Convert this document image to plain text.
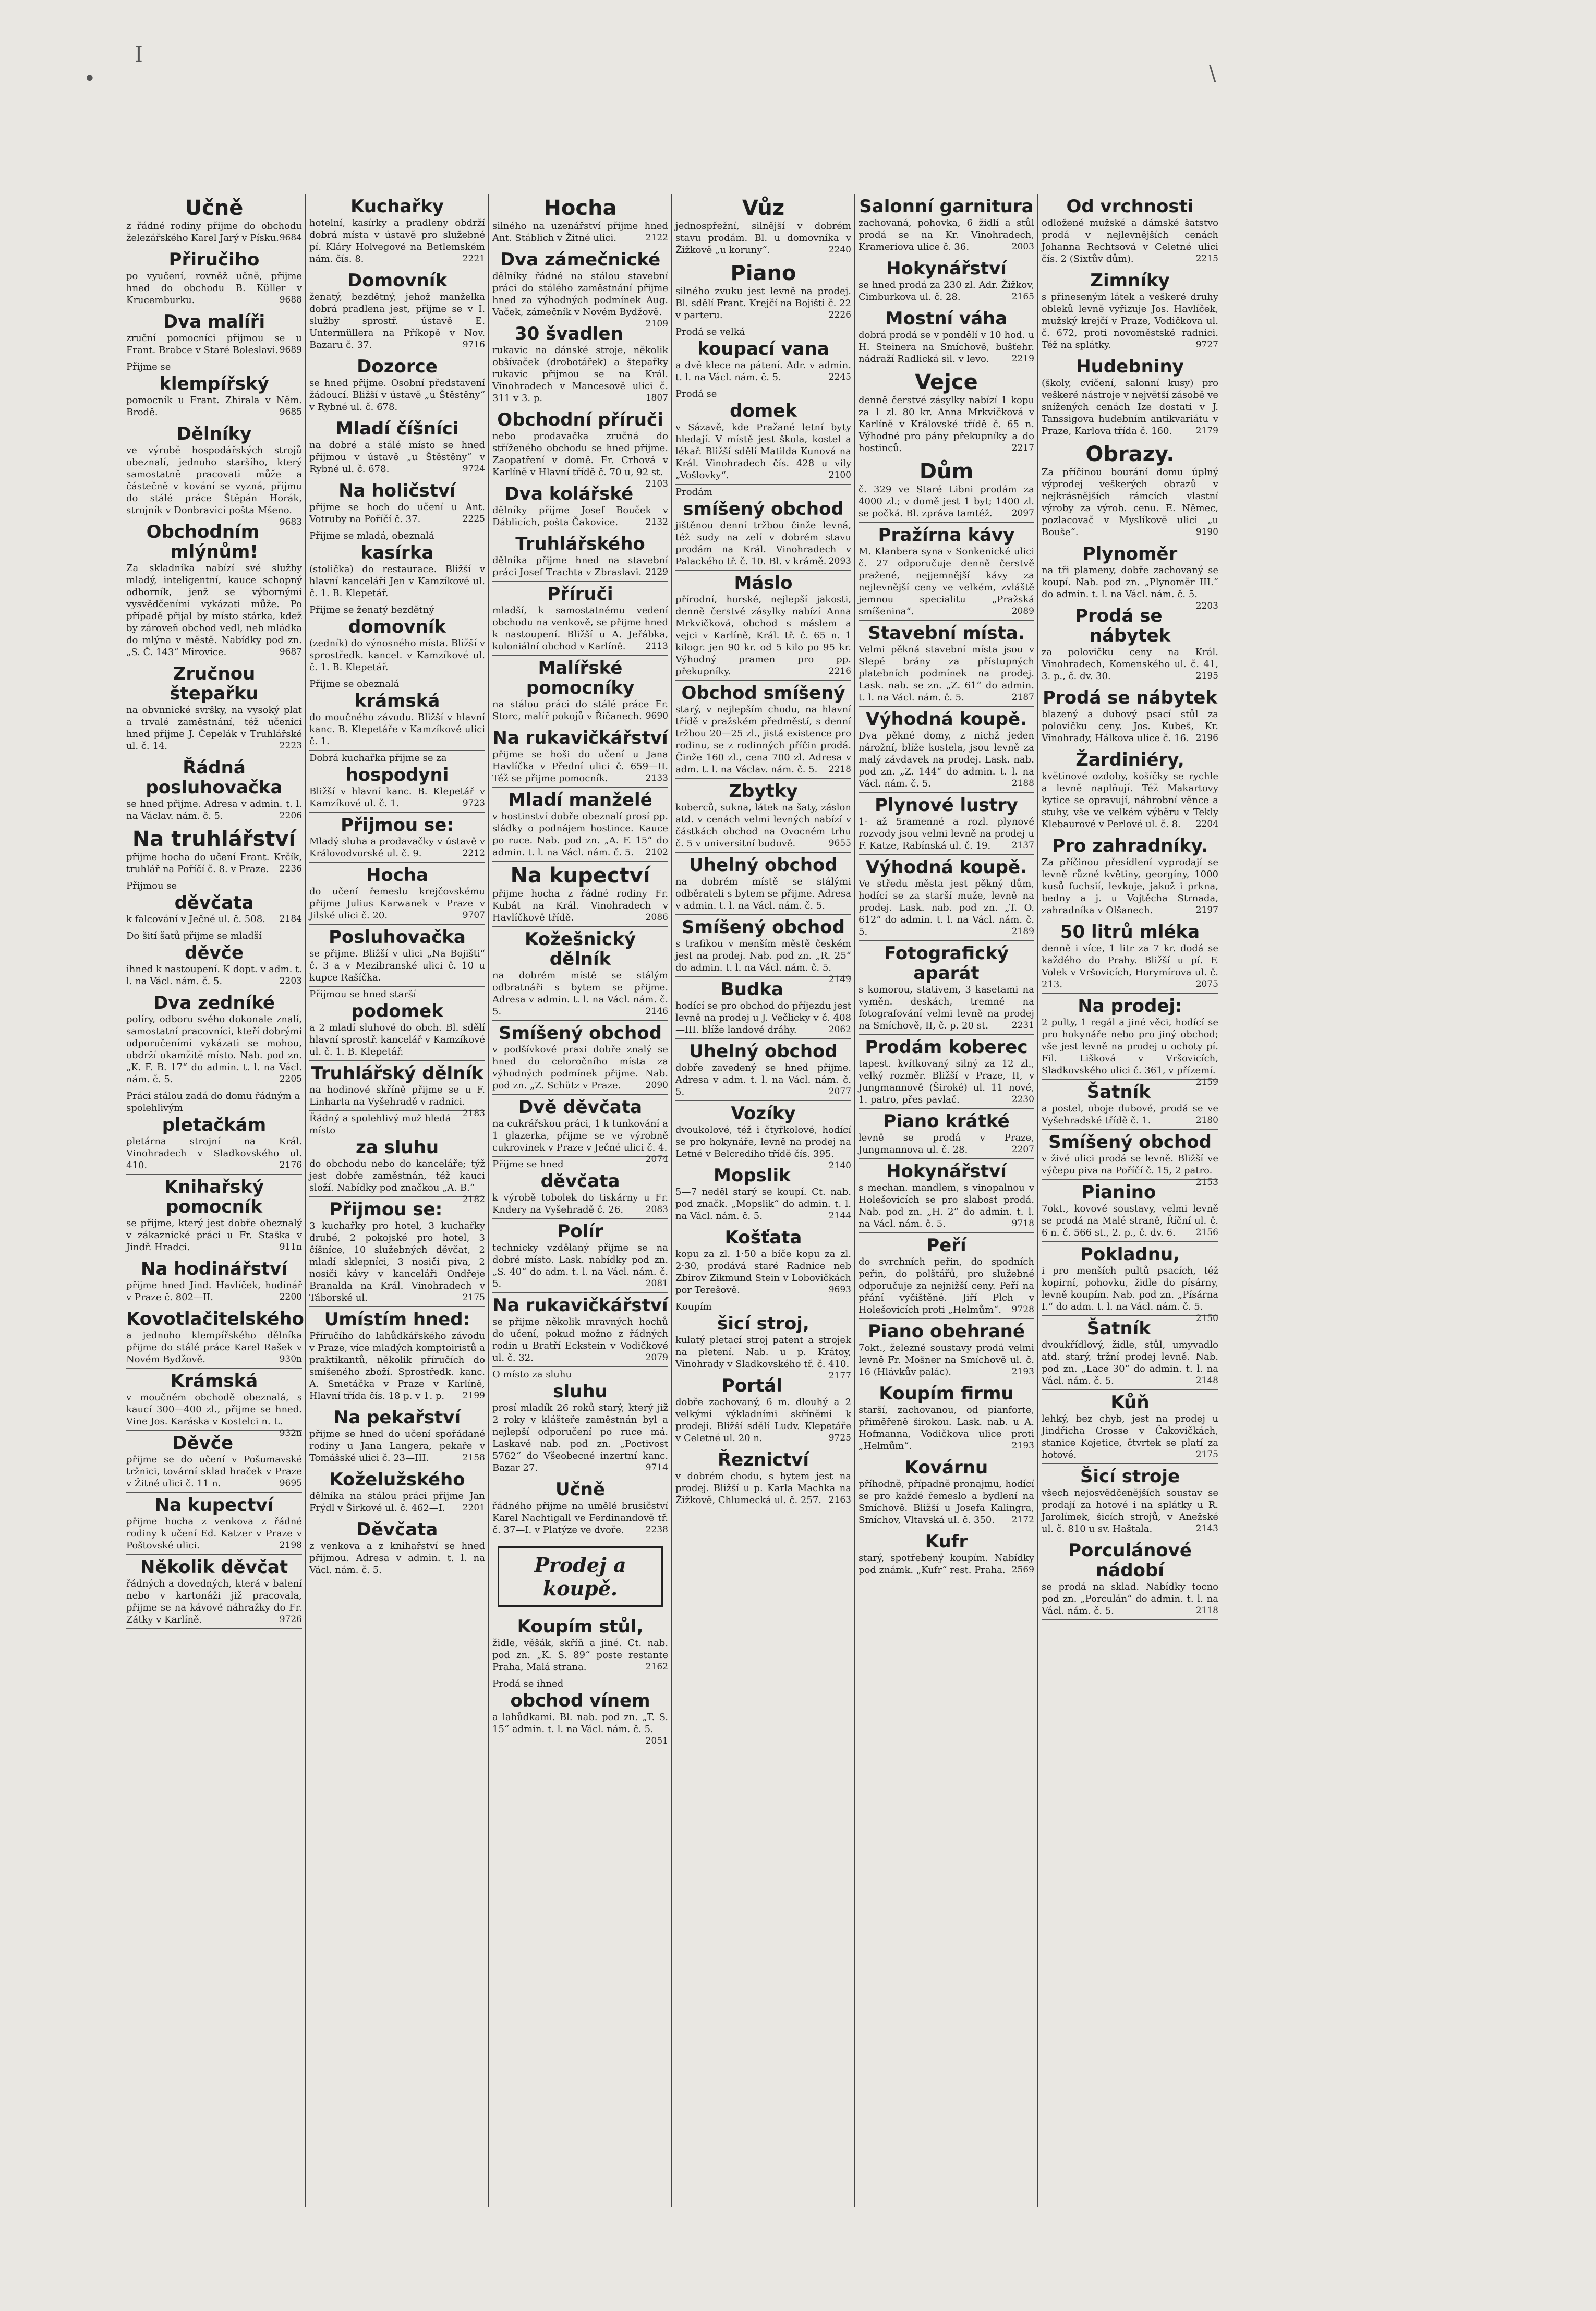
I
•	\
Učně

z řádné rodiny přijme do obchodu železářského Karel Jarý v Písku. 9684

Přiručiho

po vyučení, rovněž učně, přijme hned do obchodu B. Küller v Krucemburku.	9688

Dva malíři

zruční pomocníci přijmou se u Frant. Brabce v Staré Boleslavi. 9689

Přijme se

klempířský

pomocník u Frant. Zhirala v Něm. Brodě.	9685

Dělníky

ve výrobě hospodářských strojů obeznalí, jednoho staršího, který samostatně pracovati může a částečně v kování se vyzná, přijmu do stálé práce Štěpán Horák, strojník v Donbravici pošta Mšeno.
9683

Obchodním mlýnům!

Za skladníka nabízí své služby mladý, inteligentní, kauce schopný odborník, jenž se výbornými vysvědčeními vykázati může. Po případě přijal by místo stárka, kdež by zároveň obchod vedl, neb mládka do mlýna v městě. Nabídky pod zn. „S. Č. 143“ Mirovice.	9687

Zručnou štepařku

na obvnnické svršky, na vysoký plat a trvalé zaměstnání, též učenici hned přijme J. Čepelák v Truhlářské ul. č. 14.	2223

Řádná posluhovačka

se hned přijme. Adresa v admin. t. l. na Václav. nám. č. 5.	2206

Na truhlářství

přijme hocha do učení Frant. Krčík, truhlář na Poříčí č. 8. v Praze. 2236

Přijmou se

děvčata

k falcování v Ječné ul. č. 508. 2184

Do šití šatů přijme se mladší

děvče

ihned k nastoupení. K dopt. v adm. t. l. na Václ. nám. č. 5.	2203

Dva zedníké

políry, odboru svého dokonale znalí, samostatní pracovníci, kteří dobrými odporučeními vykázati se mohou, obdrží okamžitě místo. Nab. pod zn. „K. F. B. 17“ do admin. t. l. na Václ. nám. č. 5.	2205

Práci stálou zadá do domu řádným a spolehlivým

pletačkám

pletárna strojní na Král. Vinohradech v Sladkovského ul. 410.	2176

Knihařský pomocník

se přijme, který jest dobře obeznalý v zákaznické práci u Fr. Staška v Jindř. Hradci.	911n

Na hodinářství

přijme hned Jind. Havlíček, hodinář v Praze č. 802—II.	2200

Kovotlačitelského

a jednoho klempířského dělníka přijme do stálé práce Karel Rašek v Novém Bydžově.	930n

Krámská

v moučném obchodě obeznalá, s kaucí 300—400 zl., přijme se hned. Vine Jos. Karáska v Kostelci n. L.
932n

Děvče

přijme se do učení v Pošumavské tržnici, tovární sklad hraček v Praze v Žitné ulici č. 11 n.	9695

Na kupectví

přijme hocha z venkova z řádné rodiny k učení Ed. Katzer v Praze v Poštovské ulici.	2198

Několik děvčat

řádných a dovedných, která v balení nebo v kartonáži již pracovala, přijme se na kávové náhražky do Fr. Zátky v Karlíně.	9726

Kuchařky

hotelní, kasírky a pradleny obdrží dobrá místa v ústavě pro služebné pí. Kláry Holvegové na Betlemském nám. čís. 8.	2221

Domovník

ženatý, bezdětný, jehož manželka dobrá pradlena jest, přijme se v I. služby sprostř. ústavě E. Untermüllera na Příkopě v Nov. Bazaru č. 37.	9716

Dozorce

se hned přijme. Osobní představení žádoucí. Bližší v ústavě „u Štěstěny“ v Rybné ul. č. 678.

Mladí číšníci

na dobré a stálé místo se hned přijmou v ústavě „u Štěstěny“ v Rybné ul. č. 678.	9724

Na holičství

přijme se hoch do učení u Ant. Votruby na Poříčí č. 37.	2225

Přijme se mladá, obeznalá

kasírka

(stolička) do restaurace. Bližší v hlavní kanceláři Jen v Kamzíkové ul. č. 1. B. Klepetář.

Přijme se ženatý bezdětný

domovník

(zedník) do výnosného místa. Bližší v sprostředk. kancel. v Kamzíkové ul. č. 1. B. Klepetář.

Přijme se obeznalá

krámská

do moučného závodu. Bližší v hlavní kanc. B. Klepetáře v Kamzíkové ulici č. 1.

Dobrá kuchařka přijme se za

hospodyni

Bližší v hlavní kanc. B. Klepetář v Kamzíkové ul. č. 1.	9723

Přijmou se:

Mladý sluha a prodavačky v ústavě v Královodvorské ul. č. 9.	2212

Hocha

do učení řemeslu krejčovskému přijme Julius Karwanek v Praze v Jilské ulici č. 20.	9707

Posluhovačka

se přijme. Bližší v ulici „Na Bojišti“ č. 3 a v Mezibranské ulici č. 10 u kupce Rašíčka.

Přijmou se hned starší

podomek

a 2 mladí sluhové do obch. Bl. sdělí hlavní sprostř. kancelář v Kamzíkové ul. č. 1. B. Klepetář.

Truhlářský dělník

na hodinové skříně přijme se u F. Linharta na Vyšehradě v radnici.
2183

Řádný a spolehlivý muž hledá místo

za sluhu

do obchodu nebo do kanceláře; týž jest dobře zaměstnán, též kauci složí. Nabídky pod značkou „A. B.“
2182

Přijmou se:

3 kuchařky pro hotel, 3 kuchařky drubé, 2 pokojské pro hotel, 3 číšníce, 10 služebných děvčat, 2 mladí sklepníci, 3 nosiči piva, 2 nosiči kávy v kanceláři Ondřeje Branalda na Král. Vinohradech v Táborské ul.	2175

Umístím hned:

Příručího do lahůdkářského závodu v Praze, více mladých komptoiristů a praktikantů, několik příručích do smíšeného zboží. Sprostředk. kanc. A. Smetáčka v Praze v Karlíně, Hlavní třída čís. 18 p. v 1. p. 2199

Na pekařství

přijme se hned do učení spořádané rodiny u Jana Langera, pekaře v Tomášské ulici č. 23—III.	2158

Koželužského

dělníka na stálou práci přijme Jan Frýdl v Širkové ul. č. 462—I. 2201

Děvčata

z venkova a z knihařství se hned přijmou. Adresa v admin. t. l. na Václ. nám. č. 5.

Hocha

silného na uzenářství přijme hned Ant. Stáblich v Žitné ulici.	2122

Dva zámečnické

dělníky řádné na stálou stavební práci do stálého zaměstnání přijme hned za výhodných podmínek Aug. Vaček, zámečník v Novém Bydžově.
2109

30 švadlen

rukavic na dánské stroje, několik obšívaček (drobotářek) a štepařky rukavic přijmou se na Král. Vinohradech v Mancesově ulici č. 311 v 3. p.	1807

Obchodní příruči

nebo prodavačka zručná do stříženého obchodu se hned přijme. Zaopatření v domě. Fr. Crhová v Karlíně v Hlavní třídě č. 70 u, 92 st.
2103

Dva kolářské

dělníky přijme Josef Bouček v Dáblicích, pošta Čakovice.	2132

Truhlářského

dělníka přijme hned na stavební práci Josef Trachta v Zbraslavi. 2129

Příruči

mladší, k samostatnému vedení obchodu na venkově, se přijme hned k nastoupení. Bližší u A. Jeřábka, koloniální obchod v Karlíně. 2113

Malířské pomocníky

na stálou práci do stálé práce Fr. Storc, malíř pokojů v Řičanech. 9690

Na rukavičkářství

přijme se hoši do učení u Jana Havlíčka v Přední ulici č. 659—II. Též se přijme pomocník.	2133

Mladí manželé

v hostinství dobře obeznalí prosí pp. sládky o podnájem hostince. Kauce po ruce. Nab. pod zn. „A. F. 15“ do admin. t. l. na Václ. nám. č. 5. 2102

Na kupectví

přijme hocha z řádné rodiny Fr. Kubát na Král. Vinohradech v Havlíčkově třídě.	2086

Kožešnický dělník

na dobrém místě se stálým odbratnáři s bytem se přijme. Adresa v admin. t. l. na Václ. nám. č. 5.	2146

Smíšený obchod

v podšívkové praxi dobře znalý se hned do celoročního místa za výhodných podmínek přijme. Nab. pod zn. „Z. Schütz v Praze.	2090

Dvě děvčata

na cukrářskou práci, 1 k tunkování a 1 glazerka, přijme se ve výrobně cukrovinek v Praze v Ječné ulici č. 4.
2074

Přijme se hned

děvčata

k výrobě tobolek do tiskárny u Fr. Kndery na Vyšehradě č. 26.	2083

Polír

technicky vzdělaný přijme se na dobré místo. Lask. nabídky pod zn. „S. 40“ do adm. t. l. na Václ. nám. č. 5.	2081

Na rukavičkářství

se přijme několik mravných hochů do učení, pokud možno z řádných rodin u Bratří Eckstein v Vodičkové ul. č. 32.	2079

O místo za sluhu

sluhu

prosí mladík 26 roků starý, který již 2 roky v klášteře zaměstnán byl a nejlepší odporučení po ruce má. Laskavé nab. pod zn. „Poctivost 5762“ do Všeobecné inzertní kanc. Bazar 27.	9714

Učně

řádného přijme na umělé brusičství Karel Nachtigall ve Ferdinandově tř. č. 37—I. v Platýze ve dvoře. 2238

Prodej a koupě.
Koupím stůl,

židle, věšák, skříň a jiné. Ct. nab. pod zn. „K. S. 89“ poste restante Praha, Malá strana.	2162

Prodá se ihned

obchod vínem

a lahůdkami. Bl. nab. pod zn. „T. S. 15“ admin. t. l. na Václ. nám. č. 5.
2051

Vůz

jednospřežní, silnější v dobrém stavu prodám. Bl. u domovníka v Žižkově „u koruny“.	2240

Piano

silného zvuku jest levně na prodej. Bl. sdělí Frant. Krejčí na Bojišti č. 22 v parteru.	2226

Prodá se velká

koupací vana

a dvě klece na pátení. Adr. v admin. t. l. na Václ. nám. č. 5.	2245

Prodá se

domek

v Sázavě, kde Pražané letní byty hledají. V místě jest škola, kostel a lékař. Bližší sdělí Matilda Kunová na Král. Vinohradech čís. 428 u vily „Vošlovky“.	2100

Prodám

smíšený obchod

jištěnou denní tržbou činže levná, též sudy na zelí v dobrém stavu prodám na Král. Vinohradech v Palackého tř. č. 10. Bl. v krámě. 2093

Máslo

přírodní, horské, nejlepší jakosti, denně čerstvé zásylky nabízí Anna Mrkvičková, obchod s máslem a vejci v Karlíně, Král. tř. č. 65 n. 1 kilogr. jen 90 kr. od 5 kilo po 95 kr. Výhodný pramen pro pp. překupníky.	2216

Obchod smíšený

starý, v nejlepším chodu, na hlavní třídě v pražském předměstí, s denní tržbou 20—25 zl., jistá existence pro rodinu, se z rodinných příčin prodá. Činže 160 zl., cena 700 zl. Adresa v adm. t. l. na Václav. nám. č. 5. 2218

Zbytky

koberců, sukna, látek na šaty, záslon atd. v cenách velmi levných nabízí v částkách obchod na Ovocném trhu č. 5 v universitní budově.	9655

Uhelný obchod

na dobrém místě se stálými odběrateli s bytem se přijme. Adresa v admin. t. l. na Václ. nám. č. 5.

Smíšený obchod

s trafikou v menším městě českém jest na prodej. Nab. pod zn. „R. 25“ do admin. t. l. na Václ. nám. č. 5.
2149

Budka

hodící se pro obchod do příjezdu jest levně na prodej u J. Večlicky v č. 408—III. blíže landové dráhy.	2062

Uhelný obchod

dobře zavedený se hned přijme. Adresa v adm. t. l. na Václ. nám. č. 5.	2077

Vozíky

dvoukolové, též i čtyřkolové, hodící se pro hokynáře, levně na prodej na Letné v Belcrediho třídě čís. 395.
2140

Mopslik

5—7 neděl starý se koupí. Ct. nab. pod značk. „Mopslik“ do admin. t. l. na Václ. nám. č. 5.	2144

Košťata

kopu za zl. 1·50 a bíče kopu za zl. 2·30, prodává staré Radnice neb Zbirov Zikmund Stein v Lobovičkách por Terešově.	9693

Koupím

šicí stroj,

kulatý pletací stroj patent a strojek na pletení. Nab. u p. Krátoy, Vinohrady v Sladkovského tř. č. 410.
2177

Portál

dobře zachovaný, 6 m. dlouhý a 2 velkými výkladními skříněmi k prodeji. Bližší sdělí Ludv. Klepetáře v Celetné ul. 20 n.	9725

Řeznictví

v dobrém chodu, s bytem jest na prodej. Bližší u p. Karla Machka na Žižkově, Chlumecká ul. č. 257. 2163

Salonní garnitura

zachovaná, pohovka, 6 židlí a stůl prodá se na Kr. Vinohradech, Krameriova ulice č. 36.	2003

Hokynářství

se hned prodá za 230 zl. Adr. Žižkov, Cimburkova ul. č. 28.	2165

Mostní váha

dobrá prodá se v pondělí v 10 hod. u H. Steinera na Smíchově, bušťehr. nádraží Radlická sil. v levo.	2219

Vejce

denně čerstvé zásylky nabízí 1 kopu za 1 zl. 80 kr. Anna Mrkvičková v Karlíně v Královské třídě č. 65 n. Výhodné pro pány překupníky a do hostinců.	2217

Dům

č. 329 ve Staré Libni prodám za 4000 zl.; v domě jest 1 byt; 1400 zl. se počká. Bl. zpráva tamtéž. 2097

Pražírna kávy

M. Klanbera syna v Sonkenické ulici č. 27 odporučuje denně čerstvě pražené, nejjemnější kávy za nejlevnější ceny ve velkém, zvláště jemnou specialitu „Pražská smíšenina“.	2089

Stavební místa.

Velmi pěkná stavební místa jsou v Slepé brány za přístupných platebních podmínek na prodej. Lask. nab. se zn. „Z. 61“ do admin. t. l. na Václ. nám. č. 5.	2187

Výhodná koupě.

Dva pěkné domy, z nichž jeden nárožní, blíže kostela, jsou levně za malý závdavek na prodej. Lask. nab. pod zn. „Z. 144“ do admin. t. l. na Václ. nám. č. 5.	2188

Plynové lustry

1- až 5ramenné a rozl. plynové rozvody jsou velmi levně na prodej u F. Katze, Rabínská ul. č. 19. 2137

Výhodná koupě.

Ve středu města jest pěkný dům, hodící se za starší muže, levně na prodej. Lask. nab. pod zn. „T. O. 612“ do admin. t. l. na Václ. nám. č. 5.	2189

Fotografický aparát

s komorou, stativem, 3 kasetami na vyměn. deskách, tremné na fotografování velmi levně na prodej na Smíchově, II, č. p. 20 st.	2231

Prodám koberec

tapest. kvítkovaný silný za 12 zl., velký rozměr. Bližší v Praze, II, v Jungmannově (Široké) ul. 11 nové, 1. patro, přes pavlač.	2230

Piano krátké

levně se prodá v Praze, Jungmannova ul. č. 28.	2207

Hokynářství

s mechan. mandlem, s vinopalnou v Holešovicích se pro slabost prodá. Nab. pod zn. „H. 2“ do admin. t. l. na Václ. nám. č. 5.	9718

Peří

do svrchních peřin, do spodních peřin, do polštářů, pro služebné odporučuje za nejnižší ceny. Peří na přání vyčištěné. Jiří Plch v Holešovicích proti „Helmům“. 9728

Piano obehrané

7okt., železné soustavy prodá velmi levně Fr. Mošner na Smíchově ul. č. 16 (Hlávkův palác).	2193

Koupím firmu

starší, zachovanou, od pianforte, přiměřeně širokou. Lask. nab. u A. Hofmanna, Vodičkova ulice proti „Helmům“.	2193

Kovárnu

příhodně, případně pronajmu, hodící se pro každé řemeslo a bydlení na Smíchově. Bližší u Josefa Kalingra, Smíchov, Vltavská ul. č. 350. 2172

Kufr

starý, spotřebený koupím. Nabídky pod známk. „Kufr“ rest. Praha. 2569

Od vrchnosti

odložené mužské a dámské šatstvo prodá v nejlevnějších cenách Johanna Rechtsová v Celetné ulici čís. 2 (Sixtův dům).	2215

Zimníky

s přineseným látek a veškeré druhy obleků levně vyřizuje Jos. Havlíček, mužský krejčí v Praze, Vodičkova ul. č. 672, proti novoměstské radnici. Též na splátky.	9727

Hudebniny

(školy, cvičení, salonní kusy) pro veškeré nástroje v největší zásobě ve snížených cenách Ize dostati v J. Tanssigova hudebním antikvariátu v Praze, Karlova třída č. 160.	2179

Obrazy.

Za příčinou bourání domu úplný výprodej veškerých obrazů v nejkrásnějších rámcích vlastní výroby za výrob. cenu. E. Němec, pozlacovač v Myslíkově ulici „u Bouše“.	9190

Plynoměr

na tři plameny, dobře zachovaný se koupí. Nab. pod zn. „Plynoměr III.“ do admin. t. l. na Václ. nám. č. 5.
2203

Prodá se nábytek

za polovičku ceny na Král. Vinohradech, Komenského ul. č. 41, 3. p., č. dv. 30.	2195

Prodá se nábytek

blazený a dubový psací stůl za polovičku ceny. Jos. Kubeš, Kr. Vinohrady, Hálkova ulice č. 16. 2196

Žardiniéry,

květinové ozdoby, košíčky se rychle a levně naplňují. Též Makartovy kytice se opravují, náhrobní věnce a stuhy, vše ve velkém výběru v Tekly Klebaurové v Perlové ul. č. 8. 2204

Pro zahradníky.

Za příčinou přesídlení vyprodají se levně různé květiny, georgíny, 1000 kusů fuchsií, levkoje, jakož i prkna, bedny a j. u Vojtěcha Strnada, zahradníka v Olšanech.	2197

50 litrů mléka

denně i více, 1 litr za 7 kr. dodá se každého do Prahy. Bližší u pí. F. Volek v Vršovicích, Horymírova ul. č. 213.	2075

Na prodej:

2 pulty, 1 regál a jiné věci, hodící se pro hokynáře nebo pro jiný obchod; vše jest levně na prodej u ochoty pí. Fil. Lišková v Vršovicích, Sladkovského ulici č. 361, v přízemí.
2159

Šatník

a postel, oboje dubové, prodá se ve Vyšehradské třídě č. 1.	2180

Smíšený obchod

v živé ulici prodá se levně. Bližší ve výčepu piva na Poříčí č. 15, 2 patro.
2153

Pianino

7okt., kovové soustavy, velmi levně se prodá na Malé straně, Říční ul. č. 6 n. č. 566 st., 2. p., č. dv. 6. 2156

Pokladnu,

i pro menších pultů psacích, též kopirní, pohovku, židle do písárny, levně koupím. Nab. pod zn. „Písárna I.“ do adm. t. l. na Václ. nám. č. 5.
2150

Šatník

dvoukřídlový, židle, stůl, umyvadlo atd. starý, tržní prodej levně. Nab. pod zn. „Lace 30“ do admin. t. l. na Václ. nám. č. 5.	2148

Kůň

lehký, bez chyb, jest na prodej u Jindřicha Grosse v Čakovičkách, stanice Kojetice, čtvrtek se platí za hotové.	2175

Šicí stroje

všech nejosvědčenějších soustav se prodají za hotové i na splátky u R. Jarolímek, šicích strojů, v Anežské ul. č. 810 u sv. Haštala.	2143

Porculánové nádobí

se prodá na sklad. Nabídky tocno pod zn. „Porculán“ do admin. t. l. na Václ. nám. č. 5.	2118
